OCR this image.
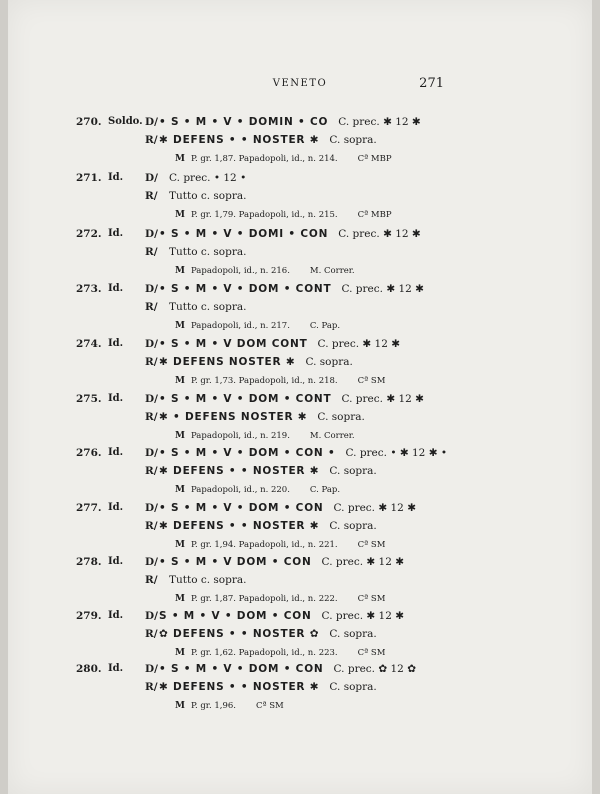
VENETO	271
270. Soldo. D/• S • M • V • DOMIN • CO C. prec. ✱ 12 ✱
R/✱ DEFENS • • NOSTER ✱ C. sopra.
M P. gr. 1,87. Papadopoli, id., n. 214. Cª MBP
271. Id. D/ C. prec. • 12 •
R/ Tutto c. sopra.
M P. gr. 1,79. Papadopoli, id., n. 215. Cª MBP
272. Id. D/• S • M • V • DOMI • CON C. prec. ✱ 12 ✱
R/ Tutto c. sopra.
M Papadopoli, id., n. 216. M. Correr.
273. Id. D/• S • M • V • DOM • CONT C. prec. ✱ 12 ✱
R/ Tutto c. sopra.
M Papadopoli, id., n. 217. C. Pap.
274. Id. D/• S • M • V DOM CONT C. prec. ✱ 12 ✱
R/✱ DEFENS NOSTER ✱ C. sopra.
M P. gr. 1,73. Papadopoli, id., n. 218. Cª SM
275. Id. D/• S • M • V • DOM • CONT C. prec. ✱ 12 ✱
R/✱ • DEFENS NOSTER ✱ C. sopra.
M Papadopoli, id., n. 219. M. Correr.
276. Id. D/• S • M • V • DOM • CON • C. prec. • ✱ 12 ✱ •
R/✱ DEFENS • • NOSTER ✱ C. sopra.
M Papadopoli, id., n. 220. C. Pap.
277. Id. D/• S • M • V • DOM • CON C. prec. ✱ 12 ✱
R/✱ DEFENS • • NOSTER ✱ C. sopra.
M P. gr. 1,94. Papadopoli, id., n. 221. Cª SM
278. Id. D/• S • M • V DOM • CON C. prec. ✱ 12 ✱
R/ Tutto c. sopra.
M P. gr. 1,87. Papadopoli, id., n. 222. Cª SM
279. Id. D/S • M • V • DOM • CON C. prec. ✱ 12 ✱
R/✿ DEFENS • • NOSTER ✿ C. sopra.
M P. gr. 1,62. Papadopoli, id., n. 223. Cª SM
280. Id. D/• S • M • V • DOM • CON C. prec. ✿ 12 ✿
R/✱ DEFENS • • NOSTER ✱ C. sopra.
M P. gr. 1,96. Cª SM
